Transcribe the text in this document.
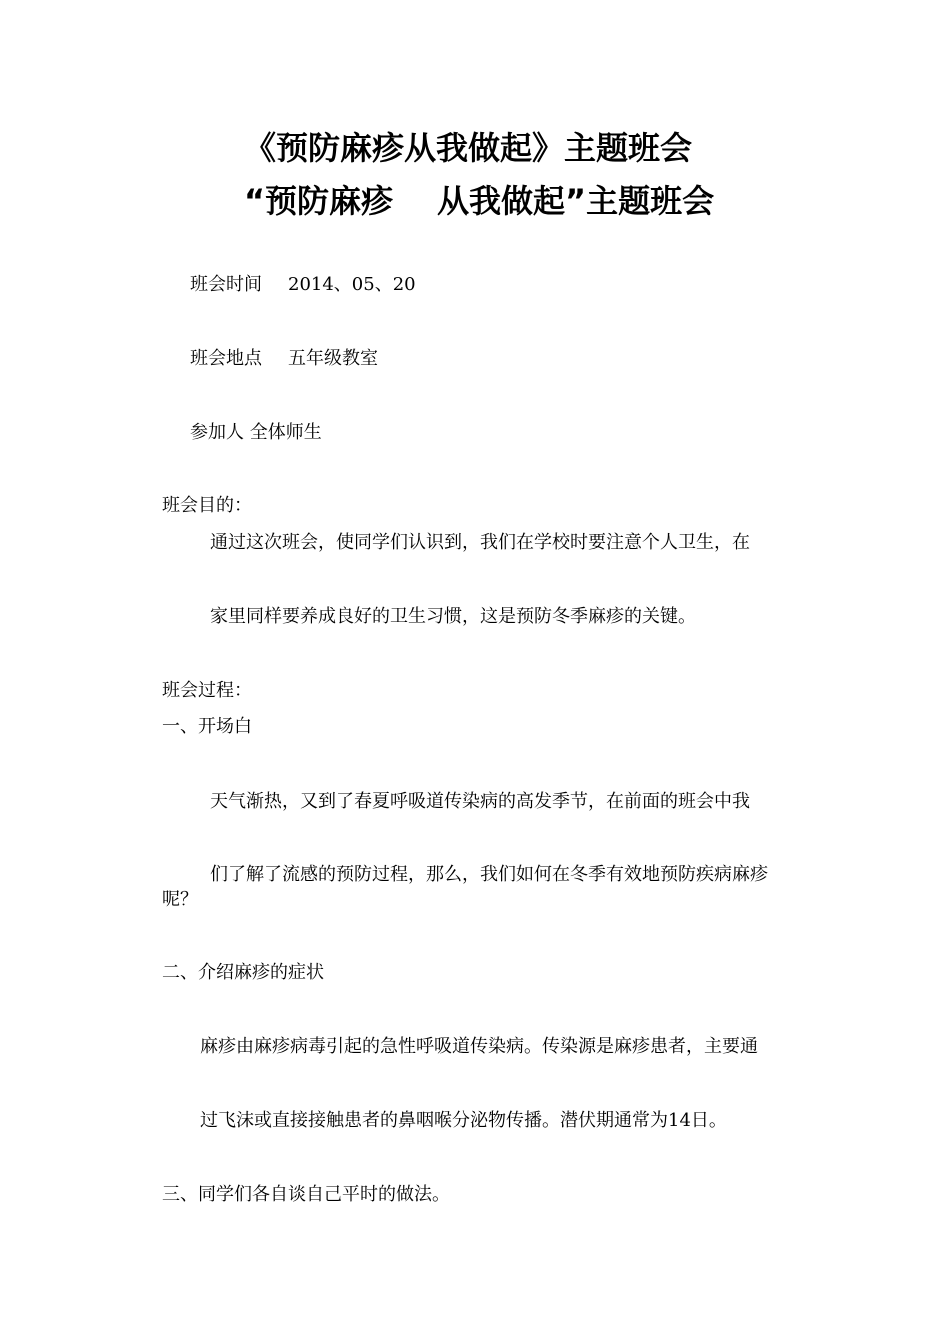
《预防麻疹从我做起》主题班会
“预防麻疹 从我做起”主题班会
班会时间 2014、05、20
班会地点 五年级教室
参加人 全体师生
班会目的：
通过这次班会，使同学们认识到，我们在学校时要注意个人卫生，在
家里同样要养成良好的卫生习惯，这是预防冬季麻疹的关键。
班会过程：
一、开场白
天气渐热，又到了春夏呼吸道传染病的高发季节，在前面的班会中我
们了解了流感的预防过程，那么，我们如何在冬季有效地预防疾病麻疹
呢？
二、介绍麻疹的症状
麻疹由麻疹病毒引起的急性呼吸道传染病。传染源是麻疹患者，主要通
过飞沫或直接接触患者的鼻咽喉分泌物传播。潜伏期通常为14日。
三、同学们各自谈自己平时的做法。
